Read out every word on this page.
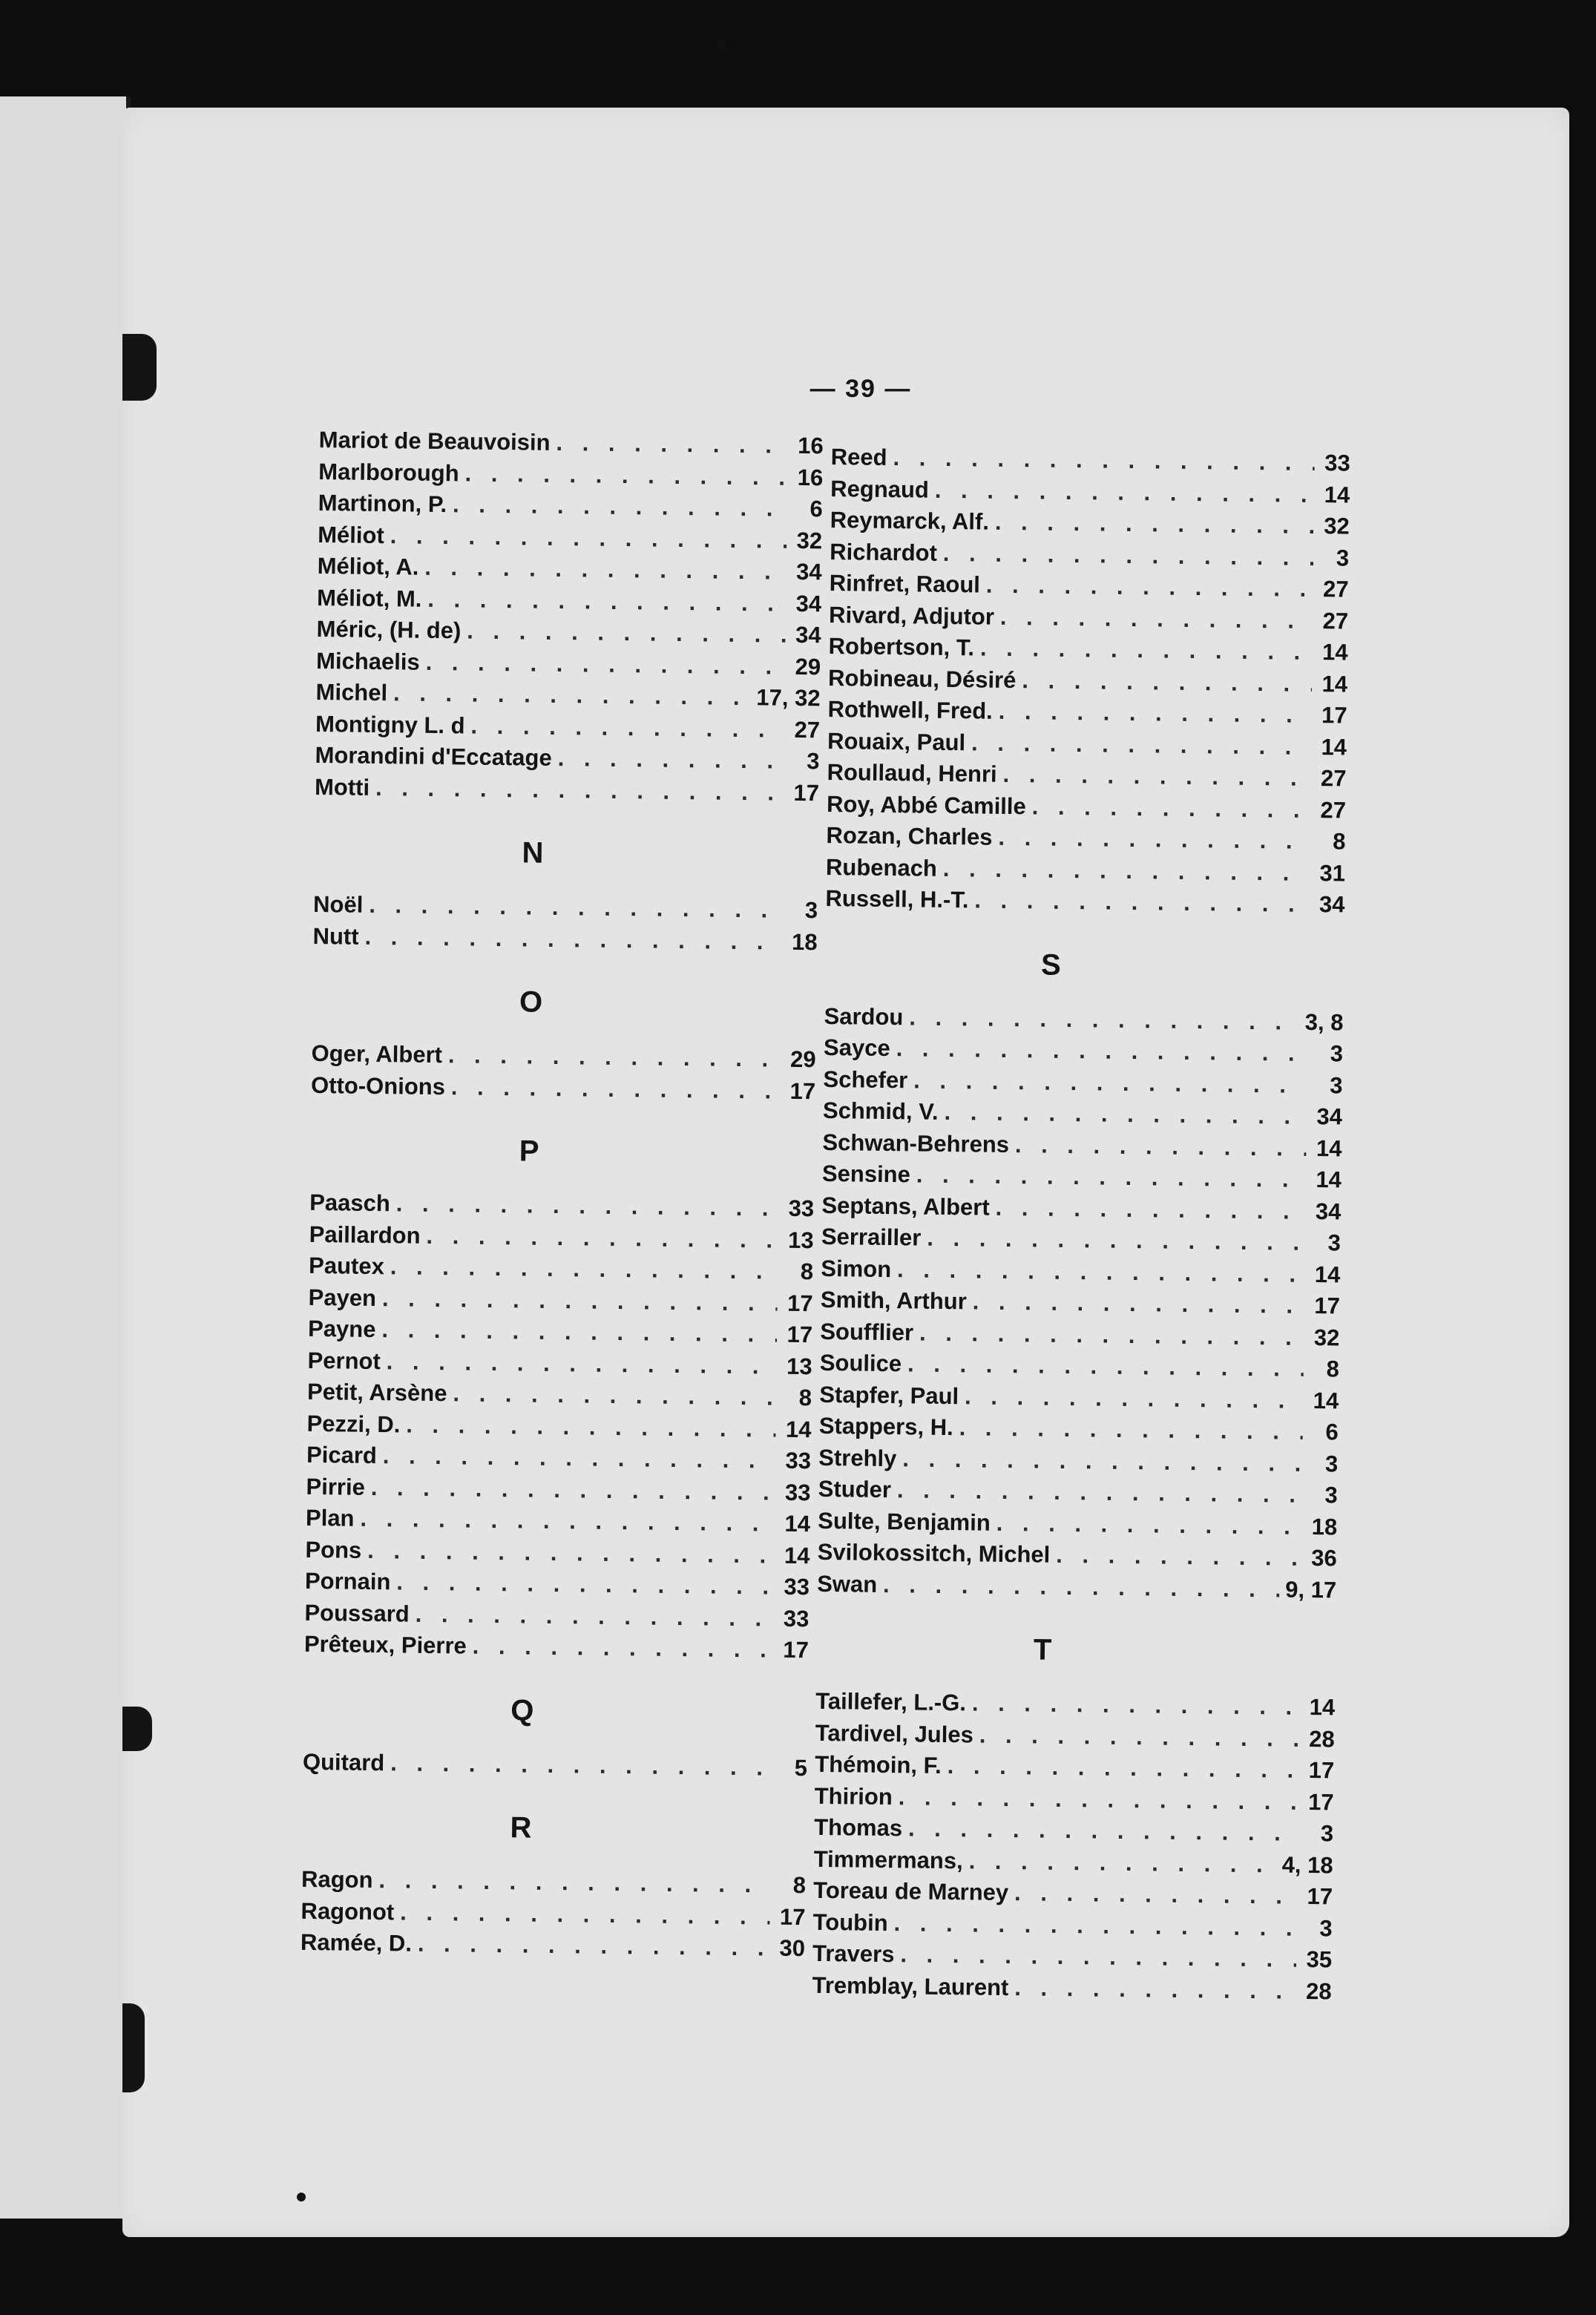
— 39 —
Mariot de Beauvoisin . . .	16
Marlborough . . .	16
Martinon, P. . . .	6
Méliot . . .	32
Méliot, A. . . .	34
Méliot, M. . . .	34
Méric, (H. de) . . .	34
Michaelis . . .	29
Michel . . .	17, 32
Montigny L. d . . .	27
Morandini d'Eccatage . . .	3
Motti . . .	17
N
Noël . . .	3
Nutt . . .	18
O
Oger, Albert . . .	29
Otto-Onions . . .	17
P
Paasch . . .	33
Paillardon . . .	13
Pautex . . .	8
Payen . . .	17
Payne . . .	17
Pernot . . .	13
Petit, Arsène . . .	8
Pezzi, D. . . .	14
Picard . . .	33
Pirrie . . .	33
Plan . . .	14
Pons . . .	14
Pornain . . .	33
Poussard . . .	33
Prêteux, Pierre . . .	17
Q
Quitard . . .	5
R
Ragon . . .	8
Ragonot . . .	17
Ramée, D. . . .	30
Reed . . .	33
Regnaud . . .	14
Reymarck, Alf. . . .	32
Richardot . . .	3
Rinfret, Raoul . . .	27
Rivard, Adjutor . . .	27
Robertson, T. . . .	14
Robineau, Désiré . . .	14
Rothwell, Fred. . . .	17
Rouaix, Paul . . .	14
Roullaud, Henri . . .	27
Roy, Abbé Camille . . .	27
Rozan, Charles . . .	8
Rubenach . . .	31
Russell, H.-T. . . .	34
S
Sardou . . .	3, 8
Sayce . . .	3
Schefer . . .	3
Schmid, V. . . .	34
Schwan-Behrens . . .	14
Sensine . . .	14
Septans, Albert . . .	34
Serrailler . . .	3
Simon . . .	14
Smith, Arthur . . .	17
Soufflier . . .	32
Soulice . . .	8
Stapfer, Paul . . .	14
Stappers, H. . . .	6
Strehly . . .	3
Studer . . .	3
Sulte, Benjamin . . .	18
Svilokossitch, Michel . . .	36
Swan . . .	9, 17
T
Taillefer, L.-G. . . .	14
Tardivel, Jules . . .	28
Thémoin, F. . . .	17
Thirion . . .	17
Thomas . . .	3
Timmermans, . . .	4, 18
Toreau de Marney . . .	17
Toubin . . .	3
Travers . . .	35
Tremblay, Laurent . . .	28
